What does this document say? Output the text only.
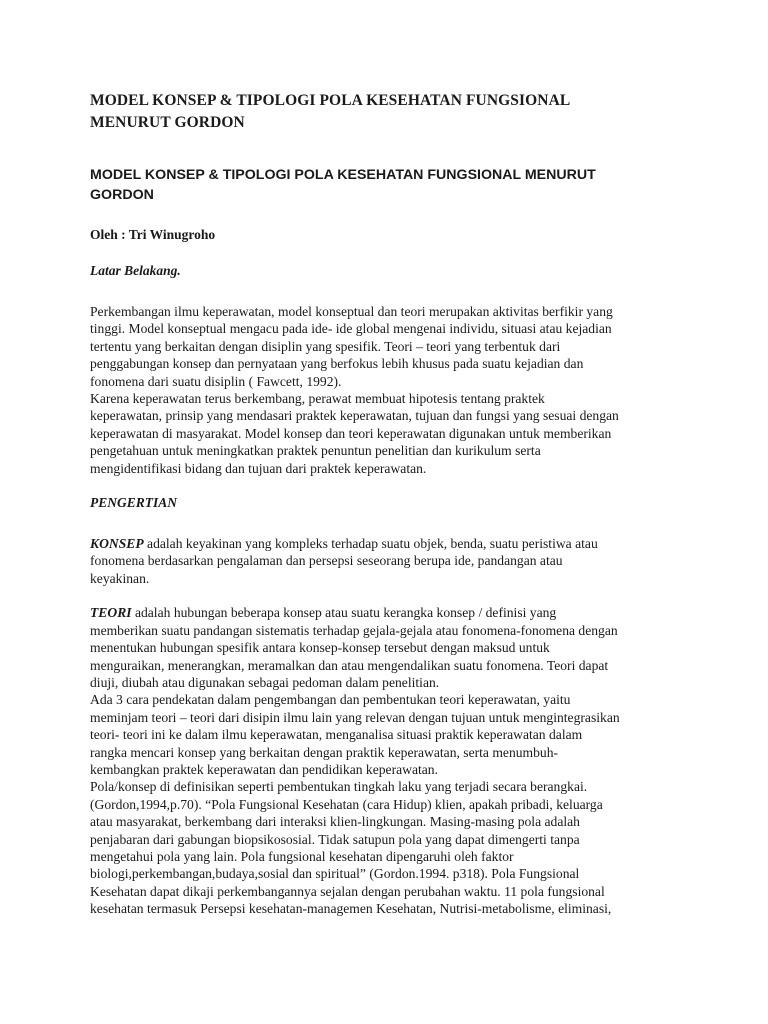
MODEL KONSEP & TIPOLOGI POLA KESEHATAN FUNGSIONAL
MENURUT GORDON
MODEL KONSEP & TIPOLOGI POLA KESEHATAN FUNGSIONAL MENURUT
GORDON
Oleh : Tri Winugroho
Latar Belakang.
Perkembangan ilmu keperawatan, model konseptual dan teori merupakan aktivitas berfikir yang
tinggi. Model konseptual mengacu pada ide- ide global mengenai individu, situasi atau kejadian
tertentu yang berkaitan dengan disiplin yang spesifik. Teori – teori yang terbentuk dari
penggabungan konsep dan pernyataan yang berfokus lebih khusus pada suatu kejadian dan
fonomena dari suatu disiplin ( Fawcett, 1992).
Karena keperawatan terus berkembang, perawat membuat hipotesis tentang praktek
keperawatan, prinsip yang mendasari praktek keperawatan, tujuan dan fungsi yang sesuai dengan
keperawatan di masyarakat. Model konsep dan teori keperawatan digunakan untuk memberikan
pengetahuan untuk meningkatkan praktek penuntun penelitian dan kurikulum serta
mengidentifikasi bidang dan tujuan dari praktek keperawatan.
PENGERTIAN
KONSEP adalah keyakinan yang kompleks terhadap suatu objek, benda, suatu peristiwa atau
fonomena berdasarkan pengalaman dan persepsi seseorang berupa ide, pandangan atau
keyakinan.
TEORI adalah hubungan beberapa konsep atau suatu kerangka konsep / definisi yang
memberikan suatu pandangan sistematis terhadap gejala-gejala atau fonomena-fonomena dengan
menentukan hubungan spesifik antara konsep-konsep tersebut dengan maksud untuk
menguraikan, menerangkan, meramalkan dan atau mengendalikan suatu fonomena. Teori dapat
diuji, diubah atau digunakan sebagai pedoman dalam penelitian.
Ada 3 cara pendekatan dalam pengembangan dan pembentukan teori keperawatan, yaitu
meminjam teori – teori dari disipin ilmu lain yang relevan dengan tujuan untuk mengintegrasikan
teori- teori ini ke dalam ilmu keperawatan, menganalisa situasi praktik keperawatan dalam
rangka mencari konsep yang berkaitan dengan praktik keperawatan, serta menumbuh-
kembangkan praktek keperawatan dan pendidikan keperawatan.
Pola/konsep di definisikan seperti pembentukan tingkah laku yang terjadi secara berangkai.
(Gordon,1994,p.70). “Pola Fungsional Kesehatan (cara Hidup) klien, apakah pribadi, keluarga
atau masyarakat, berkembang dari interaksi klien-lingkungan. Masing-masing pola adalah
penjabaran dari gabungan biopsikososial. Tidak satupun pola yang dapat dimengerti tanpa
mengetahui pola yang lain. Pola fungsional kesehatan dipengaruhi oleh faktor
biologi,perkembangan,budaya,sosial dan spiritual” (Gordon.1994. p318). Pola Fungsional
Kesehatan dapat dikaji perkembangannya sejalan dengan perubahan waktu. 11 pola fungsional
kesehatan termasuk Persepsi kesehatan-managemen Kesehatan, Nutrisi-metabolisme, eliminasi,
